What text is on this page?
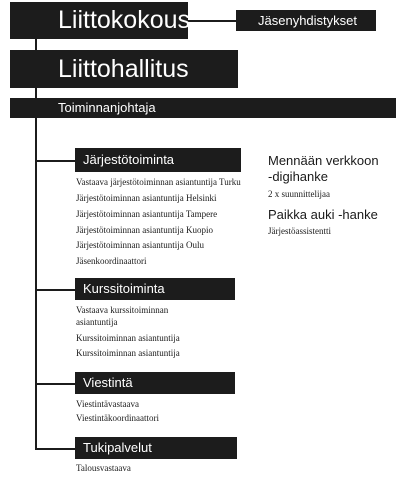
Liittokokous	Jäsenyhdistykset
Liittohallitus
Toiminnanjohtaja
Järjestötoiminta
Vastaava järjestötoiminnan asiantuntija Turku
Järjestötoiminnan asiantuntija Helsinki
Järjestötoiminnan asiantuntija Tampere
Järjestötoiminnan asiantuntija Kuopio
Järjestötoiminnan asiantuntija Oulu
Jäsenkoordinaattori
Mennään verkkoon
-digihanke
2 x suunnittelijaa
Paikka auki -hanke
Järjestöassistentti
Kurssitoiminta
Vastaava kurssitoiminnan
asiantuntija
Kurssitoiminnan asiantuntija
Kurssitoiminnan asiantuntija
Viestintä
Viestintävastaava
Viestintäkoordinaattori
Tukipalvelut
Talousvastaava
